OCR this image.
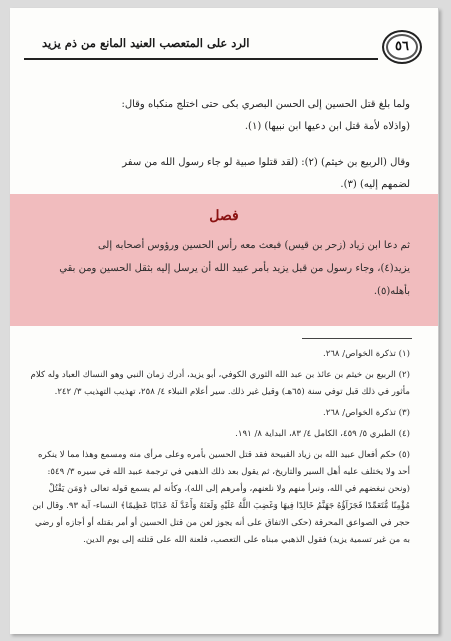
الرد على المتعصب العنيد المانع من ذم يزيد	٥٦

ولما بلغ قتل الحسين إلى الحسن البصري بكى حتى اختلج منكباه وقال:

(واذلاه لأمة قتل ابن دعيها ابن نبيها) (١).

وقال (الربيع بن خيثم) (٢): (لقد قتلوا صبية لو جاء رسول الله من سفر

لضمهم إليه) (٣).

فصل
ثم دعا ابن زياد (زحر بن قيس) فبعث معه رأس الحسين ورؤوس أصحابه إلى
يزيد(٤)، وجاء رسول من قبل يزيد بأمر عبيد الله أن يرسل إليه بثقل الحسين ومن بقي
بأهله(٥).

(١) تذكرة الخواص/ ٢٦٨.

(٢) الربيع بن خيثم بن عائذ بن عبد الله الثوري الكوفي، أبو يزيد، أدرك زمان النبي وهو النساك العباد وله كلام مأثور في ذلك قبل توفي سنة (٦٥هـ) وقيل غير ذلك. سير أعلام النبلاء ٤/ ٢٥٨، تهذيب التهذيب ٣/ ٢٤٢.

(٣) تذكرة الخواص/ ٢٦٨.

(٤) الطبري ٥/ ٤٥٩، الكامل ٤/ ٨٣، البداية ٨/ ١٩١.

(٥) حكم أفعال عبيد الله بن زياد القبيحة فقد قتل الحسين بأمره وعلى مرأى منه ومسمع وهذا مما لا ينكره أحد ولا يختلف عليه أهل السير والتاريخ، ثم يقول بعد ذلك الذهبي في ترجمة عبيد الله في سيره ٣/ ٥٤٩: (ونحن نبغضهم في الله، ونبرأ منهم ولا نلعنهم، وأمرهم إلى الله)، وكأنه لم يسمع قوله تعالى ﴿وَمَن يَقْتُلْ مُؤْمِنًا مُّتَعَمِّدًا فَجَزَآؤُهُ جَهَنَّمُ خَالِدًا فِيهَا وَغَضِبَ اللَّهُ عَلَيْهِ وَلَعَنَهُ وَأَعَدَّ لَهُ عَذَابًا عَظِيمًا﴾ النساء- آية ٩٣. وقال ابن حجر في الصواعق المحرقة (حكى الاتفاق على أنه يجوز لعن من قتل الحسين أو أمر بقتله أو أجازه أو رضي به من غير تسمية يزيد) فقول الذهبي مبناه على التعصب، فلعنة الله على قتلته إلى يوم الدين.
